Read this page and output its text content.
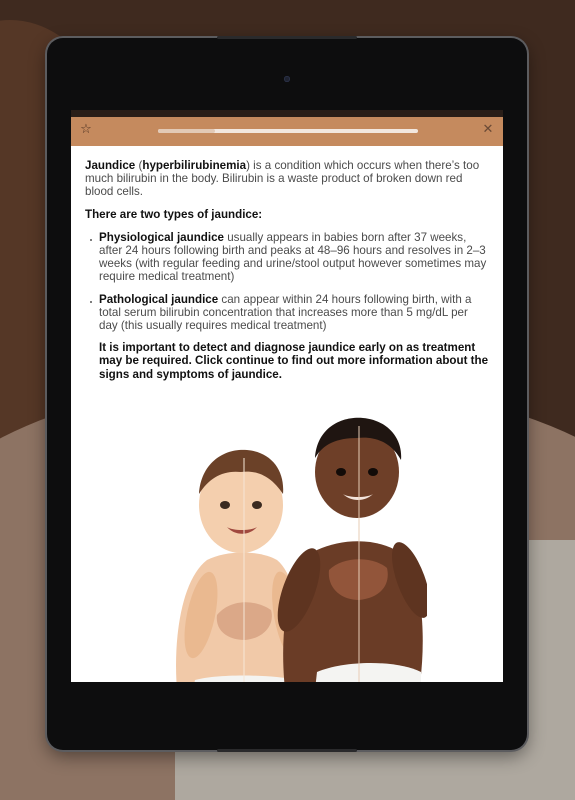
☆	✕

Jaundice (hyperbilirubinemia) is a condition which occurs when there’s too much bilirubin in the body. Bilirubin is a waste product of broken down red blood cells.

There are two types of jaundice:

Physiological jaundice usually appears in babies born after 37 weeks, after 24 hours following birth and peaks at 48–96 hours and resolves in 2–3 weeks (with regular feeding and urine/stool output however sometimes may require medical treatment)
Pathological jaundice can appear within 24 hours following birth, with a total serum bilirubin concentration that increases more than 5 mg/dL per day (this usually requires medical treatment)
It is important to detect and diagnose jaundice early on as treatment may be required. Click continue to find out more information about the signs and symptoms of jaundice.
